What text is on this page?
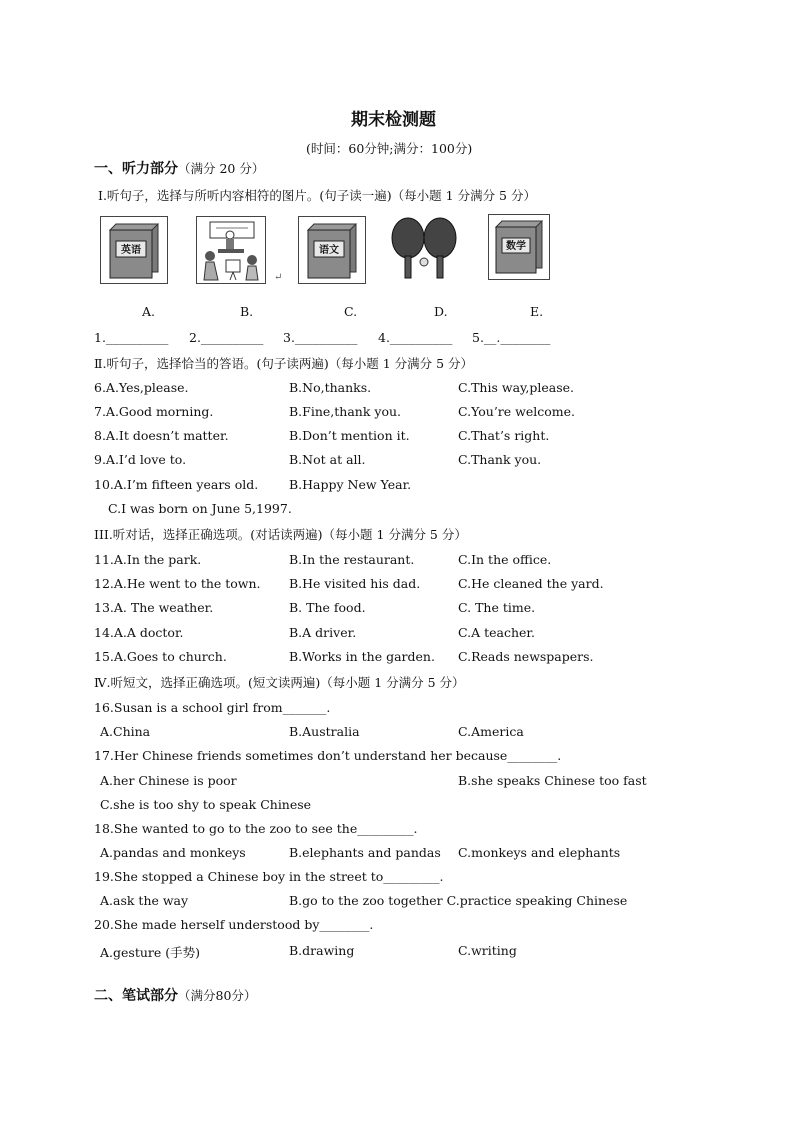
期末检测题
(时间：60分钟;满分：100分)
一、听力部分（满分 20 分）
Ⅰ.听句子，选择与所听内容相符的图片。(句子读一遍)（每小题 1 分满分 5 分）
英语
↵
语文	数学
A.	B.	C.	D.	E.
1.__________ 2.__________ 3.__________ 4.__________ 5.__.________
Ⅱ.听句子，选择恰当的答语。(句子读两遍)（每小题 1 分满分 5 分）
6.A.Yes,please.	B.No,thanks.	C.This way,please.
7.A.Good morning.	B.Fine,thank you.	C.You’re welcome.
8.A.It doesn’t matter.	B.Don’t mention it.	C.That’s right.
9.A.I’d love to.	B.Not at all.	C.Thank you.
10.A.I’m fifteen years old. B.Happy New Year.
C.I was born on June 5,1997.
III.听对话，选择正确选项。(对话读两遍)（每小题 1 分满分 5 分）
11.A.In the park.	B.In the restaurant.	C.In the office.
12.A.He went to the town. B.He visited his dad.	C.He cleaned the yard.
13.A. The weather.	B. The food.	C. The time.
14.A.A doctor.	B.A driver.	C.A teacher.
15.A.Goes to church.	B.Works in the garden. C.Reads newspapers.
Ⅳ.听短文，选择正确选项。(短文读两遍)（每小题 1 分满分 5 分）
16.Susan is a school girl from_______.
A.China	B.Australia	C.America
17.Her Chinese friends sometimes don’t understand her because________.
A.her Chinese is poor	B.she speaks Chinese too fast
C.she is too shy to speak Chinese
18.She wanted to go to the zoo to see the_________.
A.pandas and monkeys	B.elephants and pandas C.monkeys and elephants
19.She stopped a Chinese boy in the street to_________.
A.ask the way	B.go to the zoo together C.practice speaking Chinese
20.She made herself understood by________.
A.gesture (手势)	B.drawing	C.writing
二、笔试部分（满分80分）
